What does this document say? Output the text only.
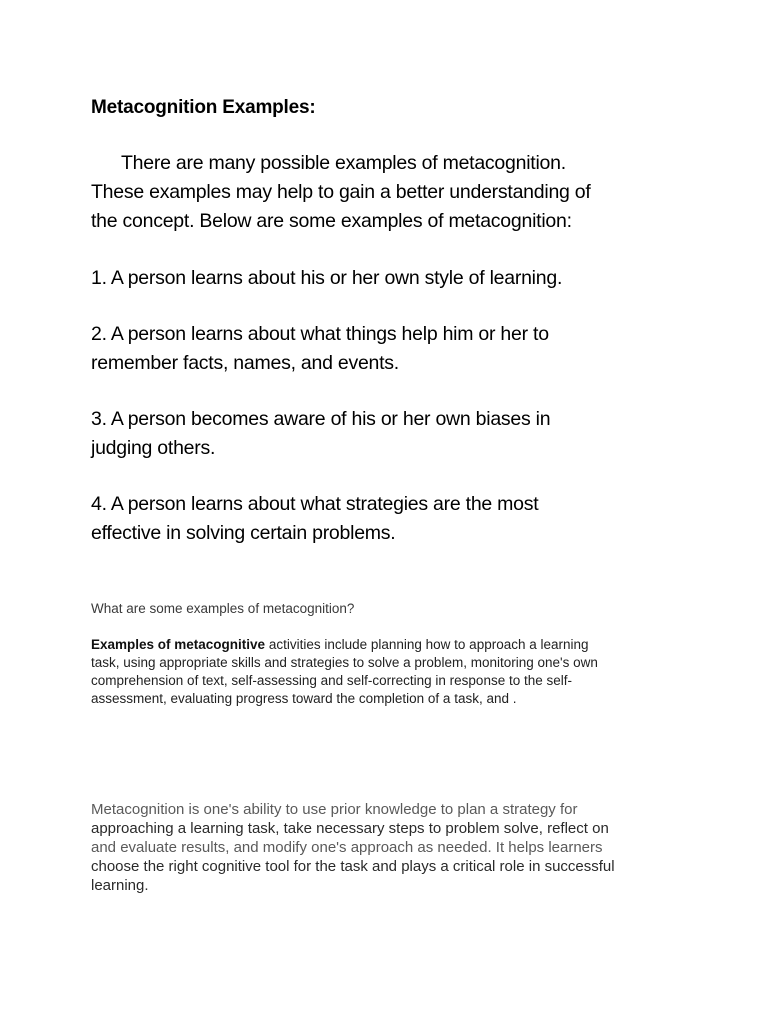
Metacognition Examples:

There are many possible examples of metacognition.
These examples may help to gain a better understanding of
the concept. Below are some examples of metacognition:

1. A person learns about his or her own style of learning.

2. A person learns about what things help him or her to
remember facts, names, and events.

3. A person becomes aware of his or her own biases in
judging others.

4. A person learns about what strategies are the most
effective in solving certain problems.

What are some examples of metacognition?

Examples of metacognitive activities include planning how to approach a learning
task, using appropriate skills and strategies to solve a problem, monitoring one's own
comprehension of text, self-assessing and self-correcting in response to the self-
assessment, evaluating progress toward the completion of a task, and .

Metacognition is one's ability to use prior knowledge to plan a strategy for
approaching a learning task, take necessary steps to problem solve, reflect on
and evaluate results, and modify one's approach as needed. It helps learners
choose the right cognitive tool for the task and plays a critical role in successful
learning.
